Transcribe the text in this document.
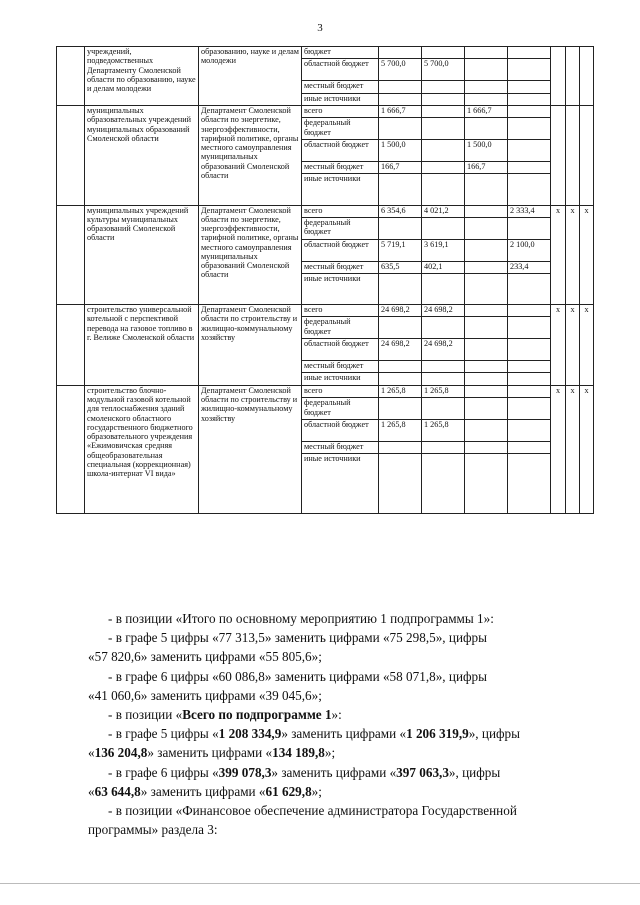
3
	учреждений, подведомственных Департаменту Смоленской области по образованию, науке и делам молодежи	образованию, науке и делам молодежи	бюджет							
			областной бюджет	5 700,0	5 700,0					
			местный бюджет							
			иные источники							
	муниципальных образовательных учреждений муниципальных образований Смоленской области	Департамент Смоленской области по энергетике, энергоэффективности, тарифной политике, органы местного самоуправления муниципальных образований Смоленской области	всего	1 666,7		1 666,7				
			федеральный бюджет							
			областной бюджет	1 500,0		1 500,0				
			местный бюджет	166,7		166,7				
			иные источники							
	муниципальных учреждений культуры муниципальных образований Смоленской области	Департамент Смоленской области по энергетике, энергоэффективности, тарифной политике, органы местного самоуправления муниципальных образований Смоленской области	всего	6 354,6	4 021,2		2 333,4	х	х	х
			федеральный бюджет							
			областной бюджет	5 719,1	3 619,1		2 100,0			
			местный бюджет	635,5	402,1		233,4			
			иные источники							
	строительство универсальной котельной с перспективой перевода на газовое топливо в г. Велиже Смоленской области	Департамент Смоленской области по строительству и жилищно-коммунальному хозяйству	всего	24 698,2	24 698,2			х	х	х
			федеральный бюджет							
			областной бюджет	24 698,2	24 698,2					
			местный бюджет							
			иные источники							
	строительство блочно-модульной газовой котельной для теплоснабжения зданий смоленского областного государственного бюджетного образовательного учреждения «Ежимовичская средняя общеобразовательная специальная (коррекционная) школа-интернат VI вида»	Департамент Смоленской области по строительству и жилищно-коммунальному хозяйству	всего	1 265,8	1 265,8			х	х	х
			федеральный бюджет							
			областной бюджет	1 265,8	1 265,8					
			местный бюджет							
			иные источники							

- в позиции «Итого по основному мероприятию 1 подпрограммы 1»:

- в графе 5 цифры «77 313,5» заменить цифрами «75 298,5», цифры

«57 820,6» заменить цифрами «55 805,6»;

- в графе 6 цифры «60 086,8» заменить цифрами «58 071,8», цифры

«41 060,6» заменить цифрами «39 045,6»;

- в позиции «Всего по подпрограмме 1»:

- в графе 5 цифры «1 208 334,9» заменить цифрами «1 206 319,9», цифры

«136 204,8» заменить цифрами «134 189,8»;

- в графе 6 цифры «399 078,3» заменить цифрами «397 063,3», цифры

«63 644,8» заменить цифрами «61 629,8»;

- в позиции «Финансовое обеспечение администратора Государственной

программы» раздела 3:
